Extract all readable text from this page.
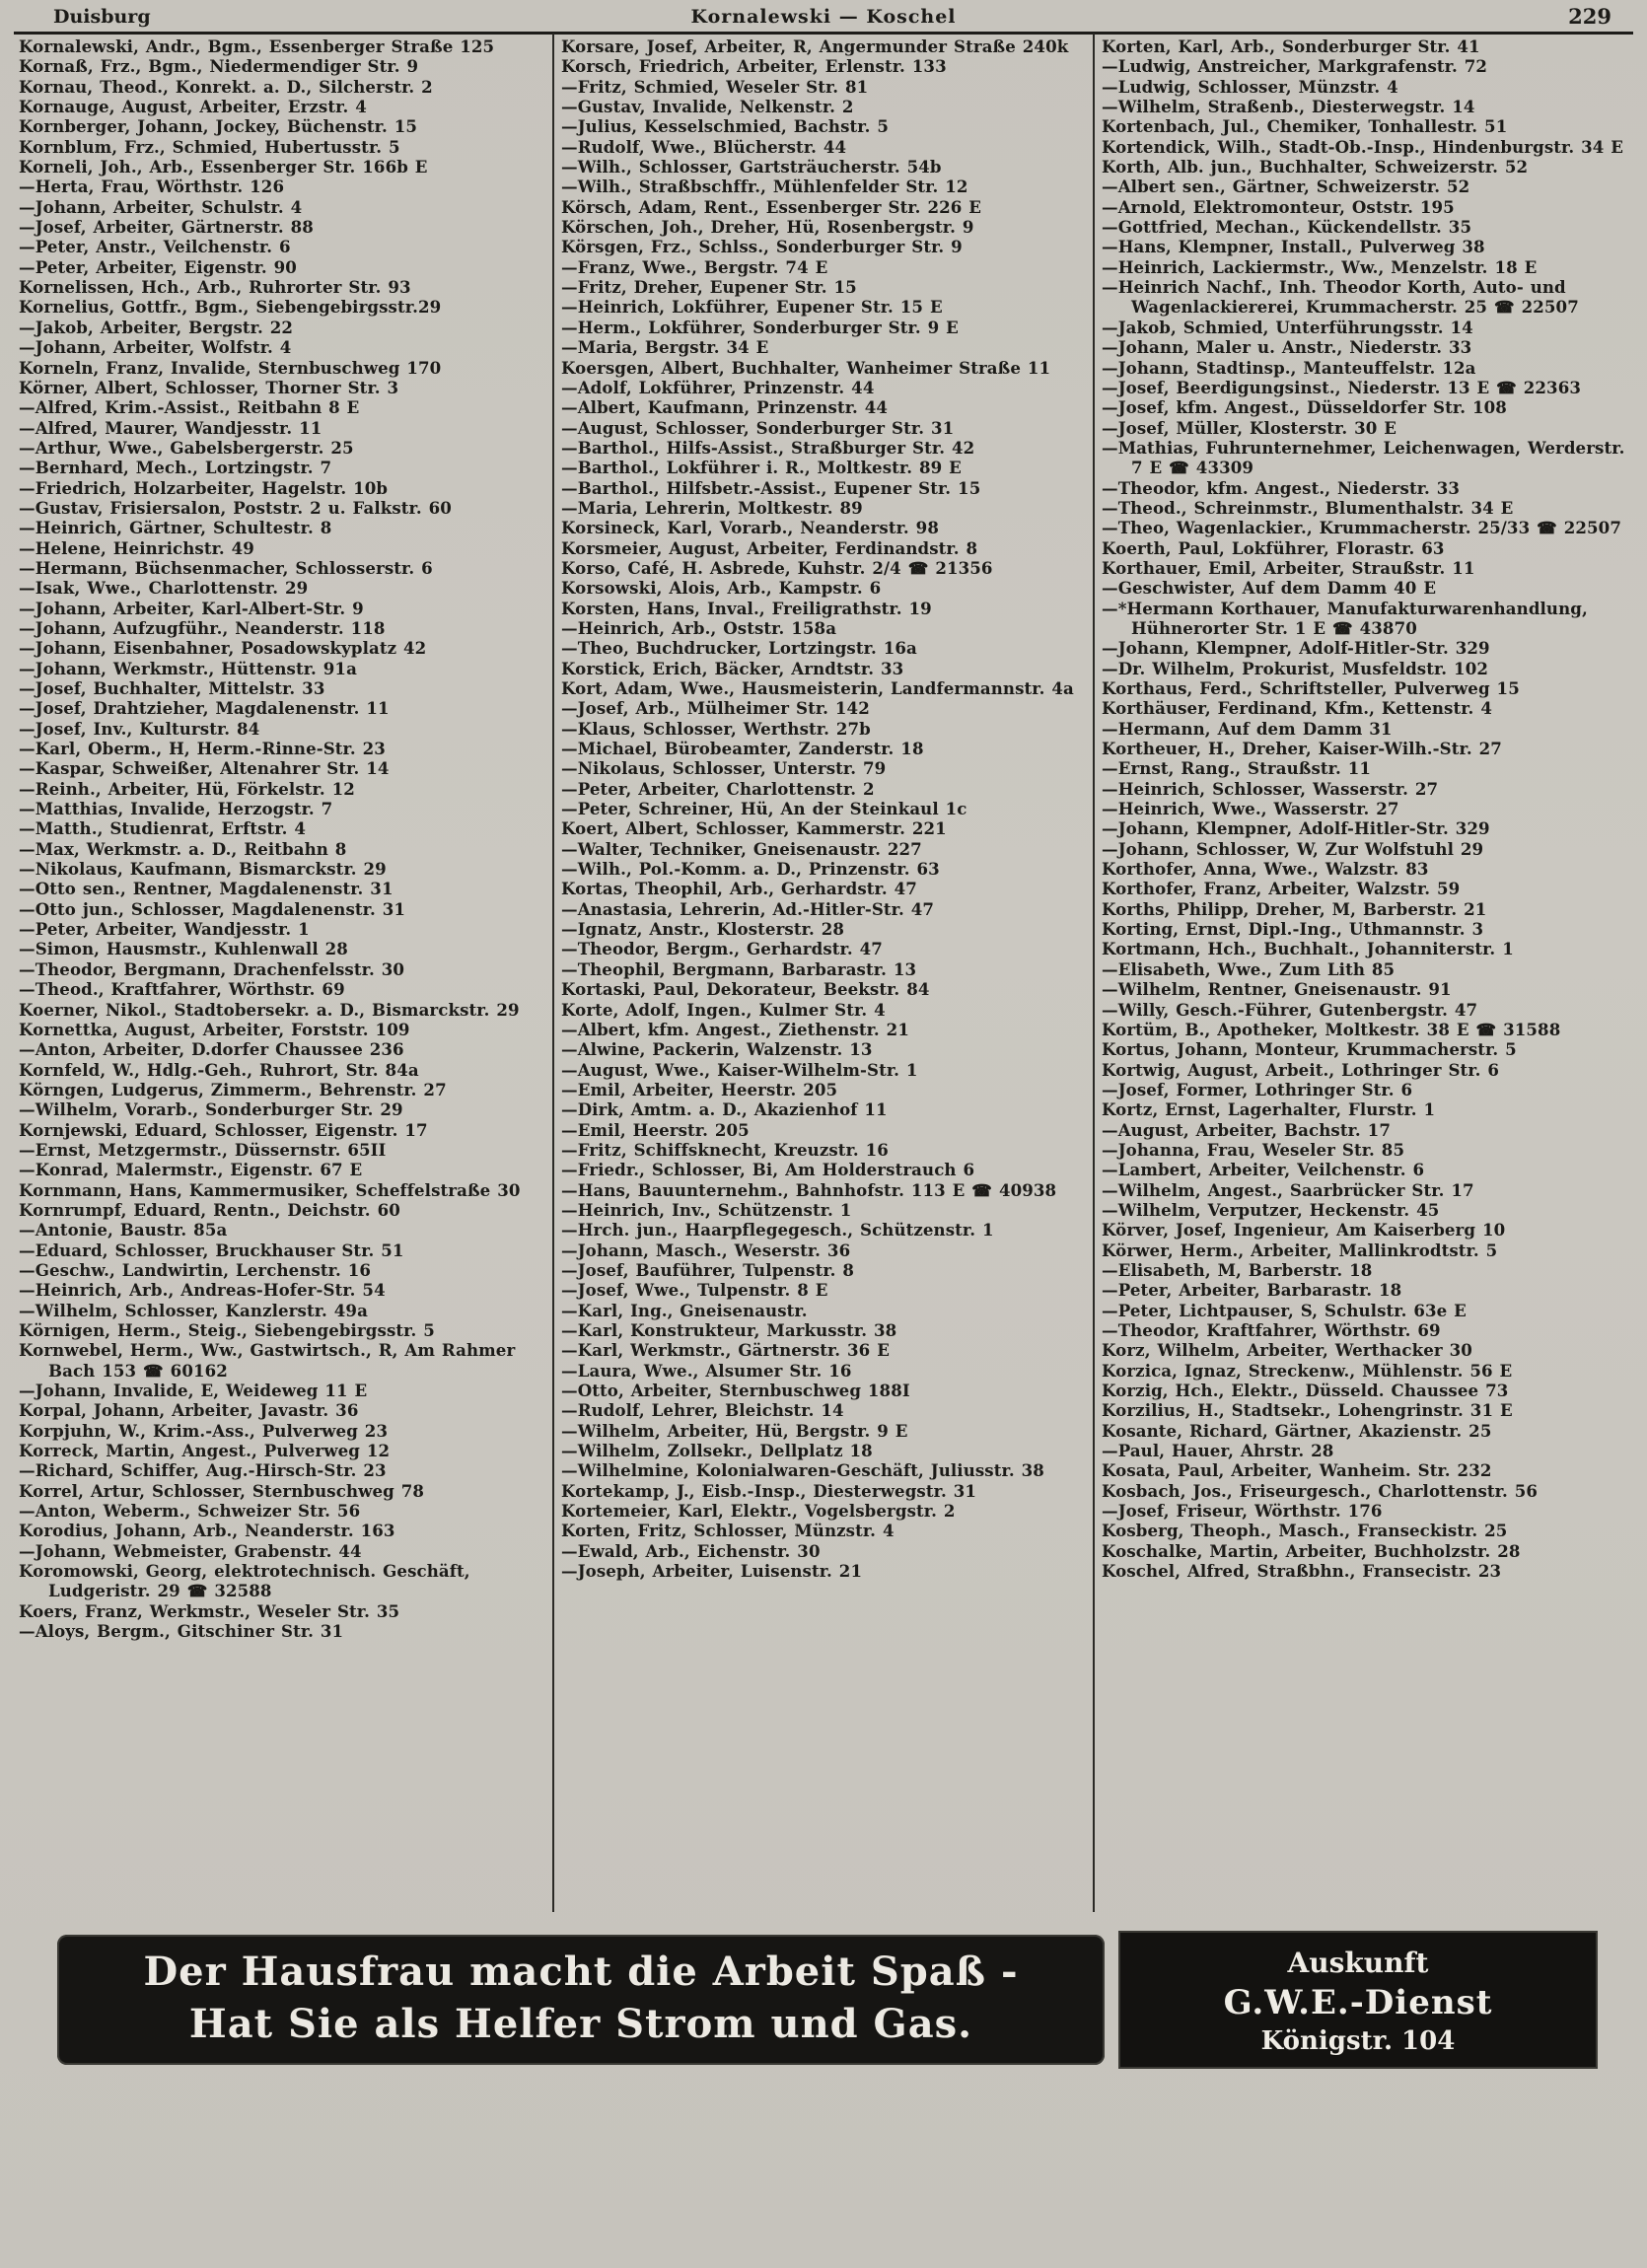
Duisburg	Kornalewski — Koschel	229
Kornalewski, Andr., Bgm., Essenberger Straße 125
Kornaß, Frz., Bgm., Niedermendiger Str. 9
Kornau, Theod., Konrekt. a. D., Silcherstr. 2
Kornauge, August, Arbeiter, Erzstr. 4
Kornberger, Johann, Jockey, Büchenstr. 15
Kornblum, Frz., Schmied, Hubertusstr. 5
Korneli, Joh., Arb., Essenberger Str. 166b E
—Herta, Frau, Wörthstr. 126
—Johann, Arbeiter, Schulstr. 4
—Josef, Arbeiter, Gärtnerstr. 88
—Peter, Anstr., Veilchenstr. 6
—Peter, Arbeiter, Eigenstr. 90
Kornelissen, Hch., Arb., Ruhrorter Str. 93
Kornelius, Gottfr., Bgm., Siebengebirgsstr.29
—Jakob, Arbeiter, Bergstr. 22
—Johann, Arbeiter, Wolfstr. 4
Korneln, Franz, Invalide, Sternbuschweg 170
Körner, Albert, Schlosser, Thorner Str. 3
—Alfred, Krim.-Assist., Reitbahn 8 E
—Alfred, Maurer, Wandjesstr. 11
—Arthur, Wwe., Gabelsbergerstr. 25
—Bernhard, Mech., Lortzingstr. 7
—Friedrich, Holzarbeiter, Hagelstr. 10b
—Gustav, Frisiersalon, Poststr. 2 u. Falkstr. 60
—Heinrich, Gärtner, Schultestr. 8
—Helene, Heinrichstr. 49
—Hermann, Büchsenmacher, Schlosserstr. 6
—Isak, Wwe., Charlottenstr. 29
—Johann, Arbeiter, Karl-Albert-Str. 9
—Johann, Aufzugführ., Neanderstr. 118
—Johann, Eisenbahner, Posadowskyplatz 42
—Johann, Werkmstr., Hüttenstr. 91a
—Josef, Buchhalter, Mittelstr. 33
—Josef, Drahtzieher, Magdalenenstr. 11
—Josef, Inv., Kulturstr. 84
—Karl, Oberm., H, Herm.-Rinne-Str. 23
—Kaspar, Schweißer, Altenahrer Str. 14
—Reinh., Arbeiter, Hü, Förkelstr. 12
—Matthias, Invalide, Herzogstr. 7
—Matth., Studienrat, Erftstr. 4
—Max, Werkmstr. a. D., Reitbahn 8
—Nikolaus, Kaufmann, Bismarckstr. 29
—Otto sen., Rentner, Magdalenenstr. 31
—Otto jun., Schlosser, Magdalenenstr. 31
—Peter, Arbeiter, Wandjesstr. 1
—Simon, Hausmstr., Kuhlenwall 28
—Theodor, Bergmann, Drachenfelsstr. 30
—Theod., Kraftfahrer, Wörthstr. 69
Koerner, Nikol., Stadtobersekr. a. D., Bismarckstr. 29
Kornettka, August, Arbeiter, Forststr. 109
—Anton, Arbeiter, D.dorfer Chaussee 236
Kornfeld, W., Hdlg.-Geh., Ruhrort, Str. 84a
Körngen, Ludgerus, Zimmerm., Behrenstr. 27
—Wilhelm, Vorarb., Sonderburger Str. 29
Kornjewski, Eduard, Schlosser, Eigenstr. 17
—Ernst, Metzgermstr., Düssernstr. 65II
—Konrad, Malermstr., Eigenstr. 67 E
Kornmann, Hans, Kammermusiker, Scheffelstraße 30
Kornrumpf, Eduard, Rentn., Deichstr. 60
—Antonie, Baustr. 85a
—Eduard, Schlosser, Bruckhauser Str. 51
—Geschw., Landwirtin, Lerchenstr. 16
—Heinrich, Arb., Andreas-Hofer-Str. 54
—Wilhelm, Schlosser, Kanzlerstr. 49a
Körnigen, Herm., Steig., Siebengebirgsstr. 5
Kornwebel, Herm., Ww., Gastwirtsch., R, Am Rahmer Bach 153 ☎ 60162
—Johann, Invalide, E, Weideweg 11 E
Korpal, Johann, Arbeiter, Javastr. 36
Korpjuhn, W., Krim.-Ass., Pulverweg 23
Korreck, Martin, Angest., Pulverweg 12
—Richard, Schiffer, Aug.-Hirsch-Str. 23
Korrel, Artur, Schlosser, Sternbuschweg 78
—Anton, Weberm., Schweizer Str. 56
Korodius, Johann, Arb., Neanderstr. 163
—Johann, Webmeister, Grabenstr. 44
Koromowski, Georg, elektrotechnisch. Geschäft, Ludgeristr. 29 ☎ 32588
Koers, Franz, Werkmstr., Weseler Str. 35
—Aloys, Bergm., Gitschiner Str. 31
Korsare, Josef, Arbeiter, R, Angermunder Straße 240k
Korsch, Friedrich, Arbeiter, Erlenstr. 133
—Fritz, Schmied, Weseler Str. 81
—Gustav, Invalide, Nelkenstr. 2
—Julius, Kesselschmied, Bachstr. 5
—Rudolf, Wwe., Blücherstr. 44
—Wilh., Schlosser, Gartsträucherstr. 54b
—Wilh., Straßbschffr., Mühlenfelder Str. 12
Körsch, Adam, Rent., Essenberger Str. 226 E
Körschen, Joh., Dreher, Hü, Rosenbergstr. 9
Körsgen, Frz., Schlss., Sonderburger Str. 9
—Franz, Wwe., Bergstr. 74 E
—Fritz, Dreher, Eupener Str. 15
—Heinrich, Lokführer, Eupener Str. 15 E
—Herm., Lokführer, Sonderburger Str. 9 E
—Maria, Bergstr. 34 E
Koersgen, Albert, Buchhalter, Wanheimer Straße 11
—Adolf, Lokführer, Prinzenstr. 44
—Albert, Kaufmann, Prinzenstr. 44
—August, Schlosser, Sonderburger Str. 31
—Barthol., Hilfs-Assist., Straßburger Str. 42
—Barthol., Lokführer i. R., Moltkestr. 89 E
—Barthol., Hilfsbetr.-Assist., Eupener Str. 15
—Maria, Lehrerin, Moltkestr. 89
Korsineck, Karl, Vorarb., Neanderstr. 98
Korsmeier, August, Arbeiter, Ferdinandstr. 8
Korso, Café, H. Asbrede, Kuhstr. 2/4 ☎ 21356
Korsowski, Alois, Arb., Kampstr. 6
Korsten, Hans, Inval., Freiligrathstr. 19
—Heinrich, Arb., Oststr. 158a
—Theo, Buchdrucker, Lortzingstr. 16a
Korstick, Erich, Bäcker, Arndtstr. 33
Kort, Adam, Wwe., Hausmeisterin, Landfermannstr. 4a
—Josef, Arb., Mülheimer Str. 142
—Klaus, Schlosser, Werthstr. 27b
—Michael, Bürobeamter, Zanderstr. 18
—Nikolaus, Schlosser, Unterstr. 79
—Peter, Arbeiter, Charlottenstr. 2
—Peter, Schreiner, Hü, An der Steinkaul 1c
Koert, Albert, Schlosser, Kammerstr. 221
—Walter, Techniker, Gneisenaustr. 227
—Wilh., Pol.-Komm. a. D., Prinzenstr. 63
Kortas, Theophil, Arb., Gerhardstr. 47
—Anastasia, Lehrerin, Ad.-Hitler-Str. 47
—Ignatz, Anstr., Klosterstr. 28
—Theodor, Bergm., Gerhardstr. 47
—Theophil, Bergmann, Barbarastr. 13
Kortaski, Paul, Dekorateur, Beekstr. 84
Korte, Adolf, Ingen., Kulmer Str. 4
—Albert, kfm. Angest., Ziethenstr. 21
—Alwine, Packerin, Walzenstr. 13
—August, Wwe., Kaiser-Wilhelm-Str. 1
—Emil, Arbeiter, Heerstr. 205
—Dirk, Amtm. a. D., Akazienhof 11
—Emil, Heerstr. 205
—Fritz, Schiffsknecht, Kreuzstr. 16
—Friedr., Schlosser, Bi, Am Holderstrauch 6
—Hans, Bauunternehm., Bahnhofstr. 113 E ☎ 40938
—Heinrich, Inv., Schützenstr. 1
—Hrch. jun., Haarpflegegesch., Schützenstr. 1
—Johann, Masch., Weserstr. 36
—Josef, Bauführer, Tulpenstr. 8
—Josef, Wwe., Tulpenstr. 8 E
—Karl, Ing., Gneisenaustr.
—Karl, Konstrukteur, Markusstr. 38
—Karl, Werkmstr., Gärtnerstr. 36 E
—Laura, Wwe., Alsumer Str. 16
—Otto, Arbeiter, Sternbuschweg 188I
—Rudolf, Lehrer, Bleichstr. 14
—Wilhelm, Arbeiter, Hü, Bergstr. 9 E
—Wilhelm, Zollsekr., Dellplatz 18
—Wilhelmine, Kolonialwaren-Geschäft, Juliusstr. 38
Kortekamp, J., Eisb.-Insp., Diesterwegstr. 31
Kortemeier, Karl, Elektr., Vogelsbergstr. 2
Korten, Fritz, Schlosser, Münzstr. 4
—Ewald, Arb., Eichenstr. 30
—Joseph, Arbeiter, Luisenstr. 21
Korten, Karl, Arb., Sonderburger Str. 41
—Ludwig, Anstreicher, Markgrafenstr. 72
—Ludwig, Schlosser, Münzstr. 4
—Wilhelm, Straßenb., Diesterwegstr. 14
Kortenbach, Jul., Chemiker, Tonhallestr. 51
Kortendick, Wilh., Stadt-Ob.-Insp., Hindenburgstr. 34 E
Korth, Alb. jun., Buchhalter, Schweizerstr. 52
—Albert sen., Gärtner, Schweizerstr. 52
—Arnold, Elektromonteur, Oststr. 195
—Gottfried, Mechan., Kückendellstr. 35
—Hans, Klempner, Install., Pulverweg 38
—Heinrich, Lackiermstr., Ww., Menzelstr. 18 E
—Heinrich Nachf., Inh. Theodor Korth, Auto- und Wagenlackiererei, Krummacherstr. 25 ☎ 22507
—Jakob, Schmied, Unterführungsstr. 14
—Johann, Maler u. Anstr., Niederstr. 33
—Johann, Stadtinsp., Manteuffelstr. 12a
—Josef, Beerdigungsinst., Niederstr. 13 E ☎ 22363
—Josef, kfm. Angest., Düsseldorfer Str. 108
—Josef, Müller, Klosterstr. 30 E
—Mathias, Fuhrunternehmer, Leichenwagen, Werderstr. 7 E ☎ 43309
—Theodor, kfm. Angest., Niederstr. 33
—Theod., Schreinmstr., Blumenthalstr. 34 E
—Theo, Wagenlackier., Krummacherstr. 25/33 ☎ 22507
Koerth, Paul, Lokführer, Florastr. 63
Korthauer, Emil, Arbeiter, Straußstr. 11
—Geschwister, Auf dem Damm 40 E
—*Hermann Korthauer, Manufakturwarenhandlung, Hühnerorter Str. 1 E ☎ 43870
—Johann, Klempner, Adolf-Hitler-Str. 329
—Dr. Wilhelm, Prokurist, Musfeldstr. 102
Korthaus, Ferd., Schriftsteller, Pulverweg 15
Korthäuser, Ferdinand, Kfm., Kettenstr. 4
—Hermann, Auf dem Damm 31
Kortheuer, H., Dreher, Kaiser-Wilh.-Str. 27
—Ernst, Rang., Straußstr. 11
—Heinrich, Schlosser, Wasserstr. 27
—Heinrich, Wwe., Wasserstr. 27
—Johann, Klempner, Adolf-Hitler-Str. 329
—Johann, Schlosser, W, Zur Wolfstuhl 29
Korthofer, Anna, Wwe., Walzstr. 83
Korthofer, Franz, Arbeiter, Walzstr. 59
Korths, Philipp, Dreher, M, Barberstr. 21
Korting, Ernst, Dipl.-Ing., Uthmannstr. 3
Kortmann, Hch., Buchhalt., Johanniterstr. 1
—Elisabeth, Wwe., Zum Lith 85
—Wilhelm, Rentner, Gneisenaustr. 91
—Willy, Gesch.-Führer, Gutenbergstr. 47
Kortüm, B., Apotheker, Moltkestr. 38 E ☎ 31588
Kortus, Johann, Monteur, Krummacherstr. 5
Kortwig, August, Arbeit., Lothringer Str. 6
—Josef, Former, Lothringer Str. 6
Kortz, Ernst, Lagerhalter, Flurstr. 1
—August, Arbeiter, Bachstr. 17
—Johanna, Frau, Weseler Str. 85
—Lambert, Arbeiter, Veilchenstr. 6
—Wilhelm, Angest., Saarbrücker Str. 17
—Wilhelm, Verputzer, Heckenstr. 45
Körver, Josef, Ingenieur, Am Kaiserberg 10
Körwer, Herm., Arbeiter, Mallinkrodtstr. 5
—Elisabeth, M, Barberstr. 18
—Peter, Arbeiter, Barbarastr. 18
—Peter, Lichtpauser, S, Schulstr. 63e E
—Theodor, Kraftfahrer, Wörthstr. 69
Korz, Wilhelm, Arbeiter, Werthacker 30
Korzica, Ignaz, Streckenw., Mühlenstr. 56 E
Korzig, Hch., Elektr., Düsseld. Chaussee 73
Korzilius, H., Stadtsekr., Lohengrinstr. 31 E
Kosante, Richard, Gärtner, Akazienstr. 25
—Paul, Hauer, Ahrstr. 28
Kosata, Paul, Arbeiter, Wanheim. Str. 232
Kosbach, Jos., Friseurgesch., Charlottenstr. 56
—Josef, Friseur, Wörthstr. 176
Kosberg, Theoph., Masch., Franseckistr. 25
Koschalke, Martin, Arbeiter, Buchholzstr. 28
Koschel, Alfred, Straßbhn., Fransecistr. 23
Der Hausfrau macht die Arbeit Spaß -
Hat Sie als Helfer Strom und Gas.
Auskunft
G.W.E.-Dienst
Königstr. 104
